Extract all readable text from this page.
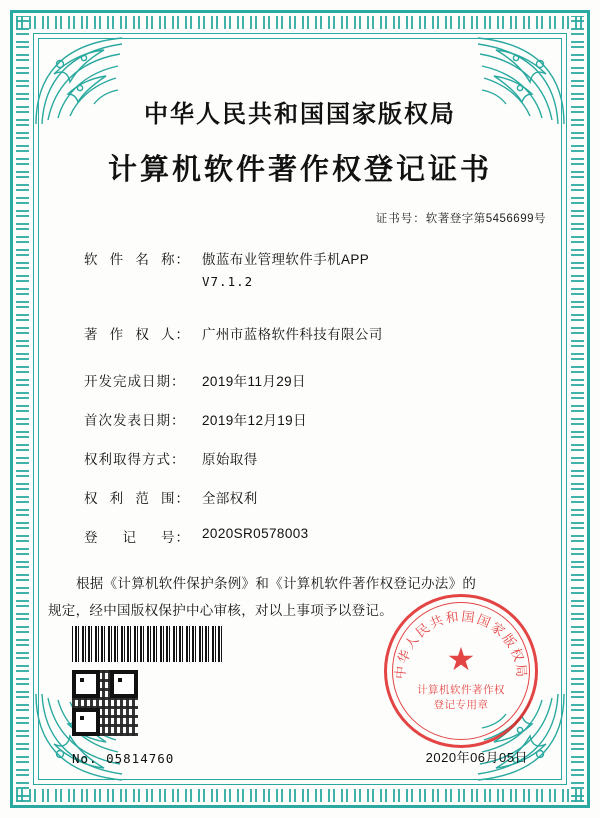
中华人民共和国国家版权局
计算机软件著作权登记证书
证书号：软著登字第5456699号
软 件 名 称： 傲蓝布业管理软件手机APP
V7.1.2
著 作 权 人： 广州市蓝格软件科技有限公司
开发完成日期：	2019年11月29日
首次发表日期：	2019年12月19日
权利取得方式：	原始取得
权 利 范 围： 全部权利
登 记 号： 2020SR0578003

根据《计算机软件保护条例》和《计算机软件著作权登记办法》的

规定，经中国版权保护中心审核，对以上事项予以登记。

No. 05814760	2020年06月05日
中华人民共和国国家版权局
★
计算机软件著作权
登记专用章
